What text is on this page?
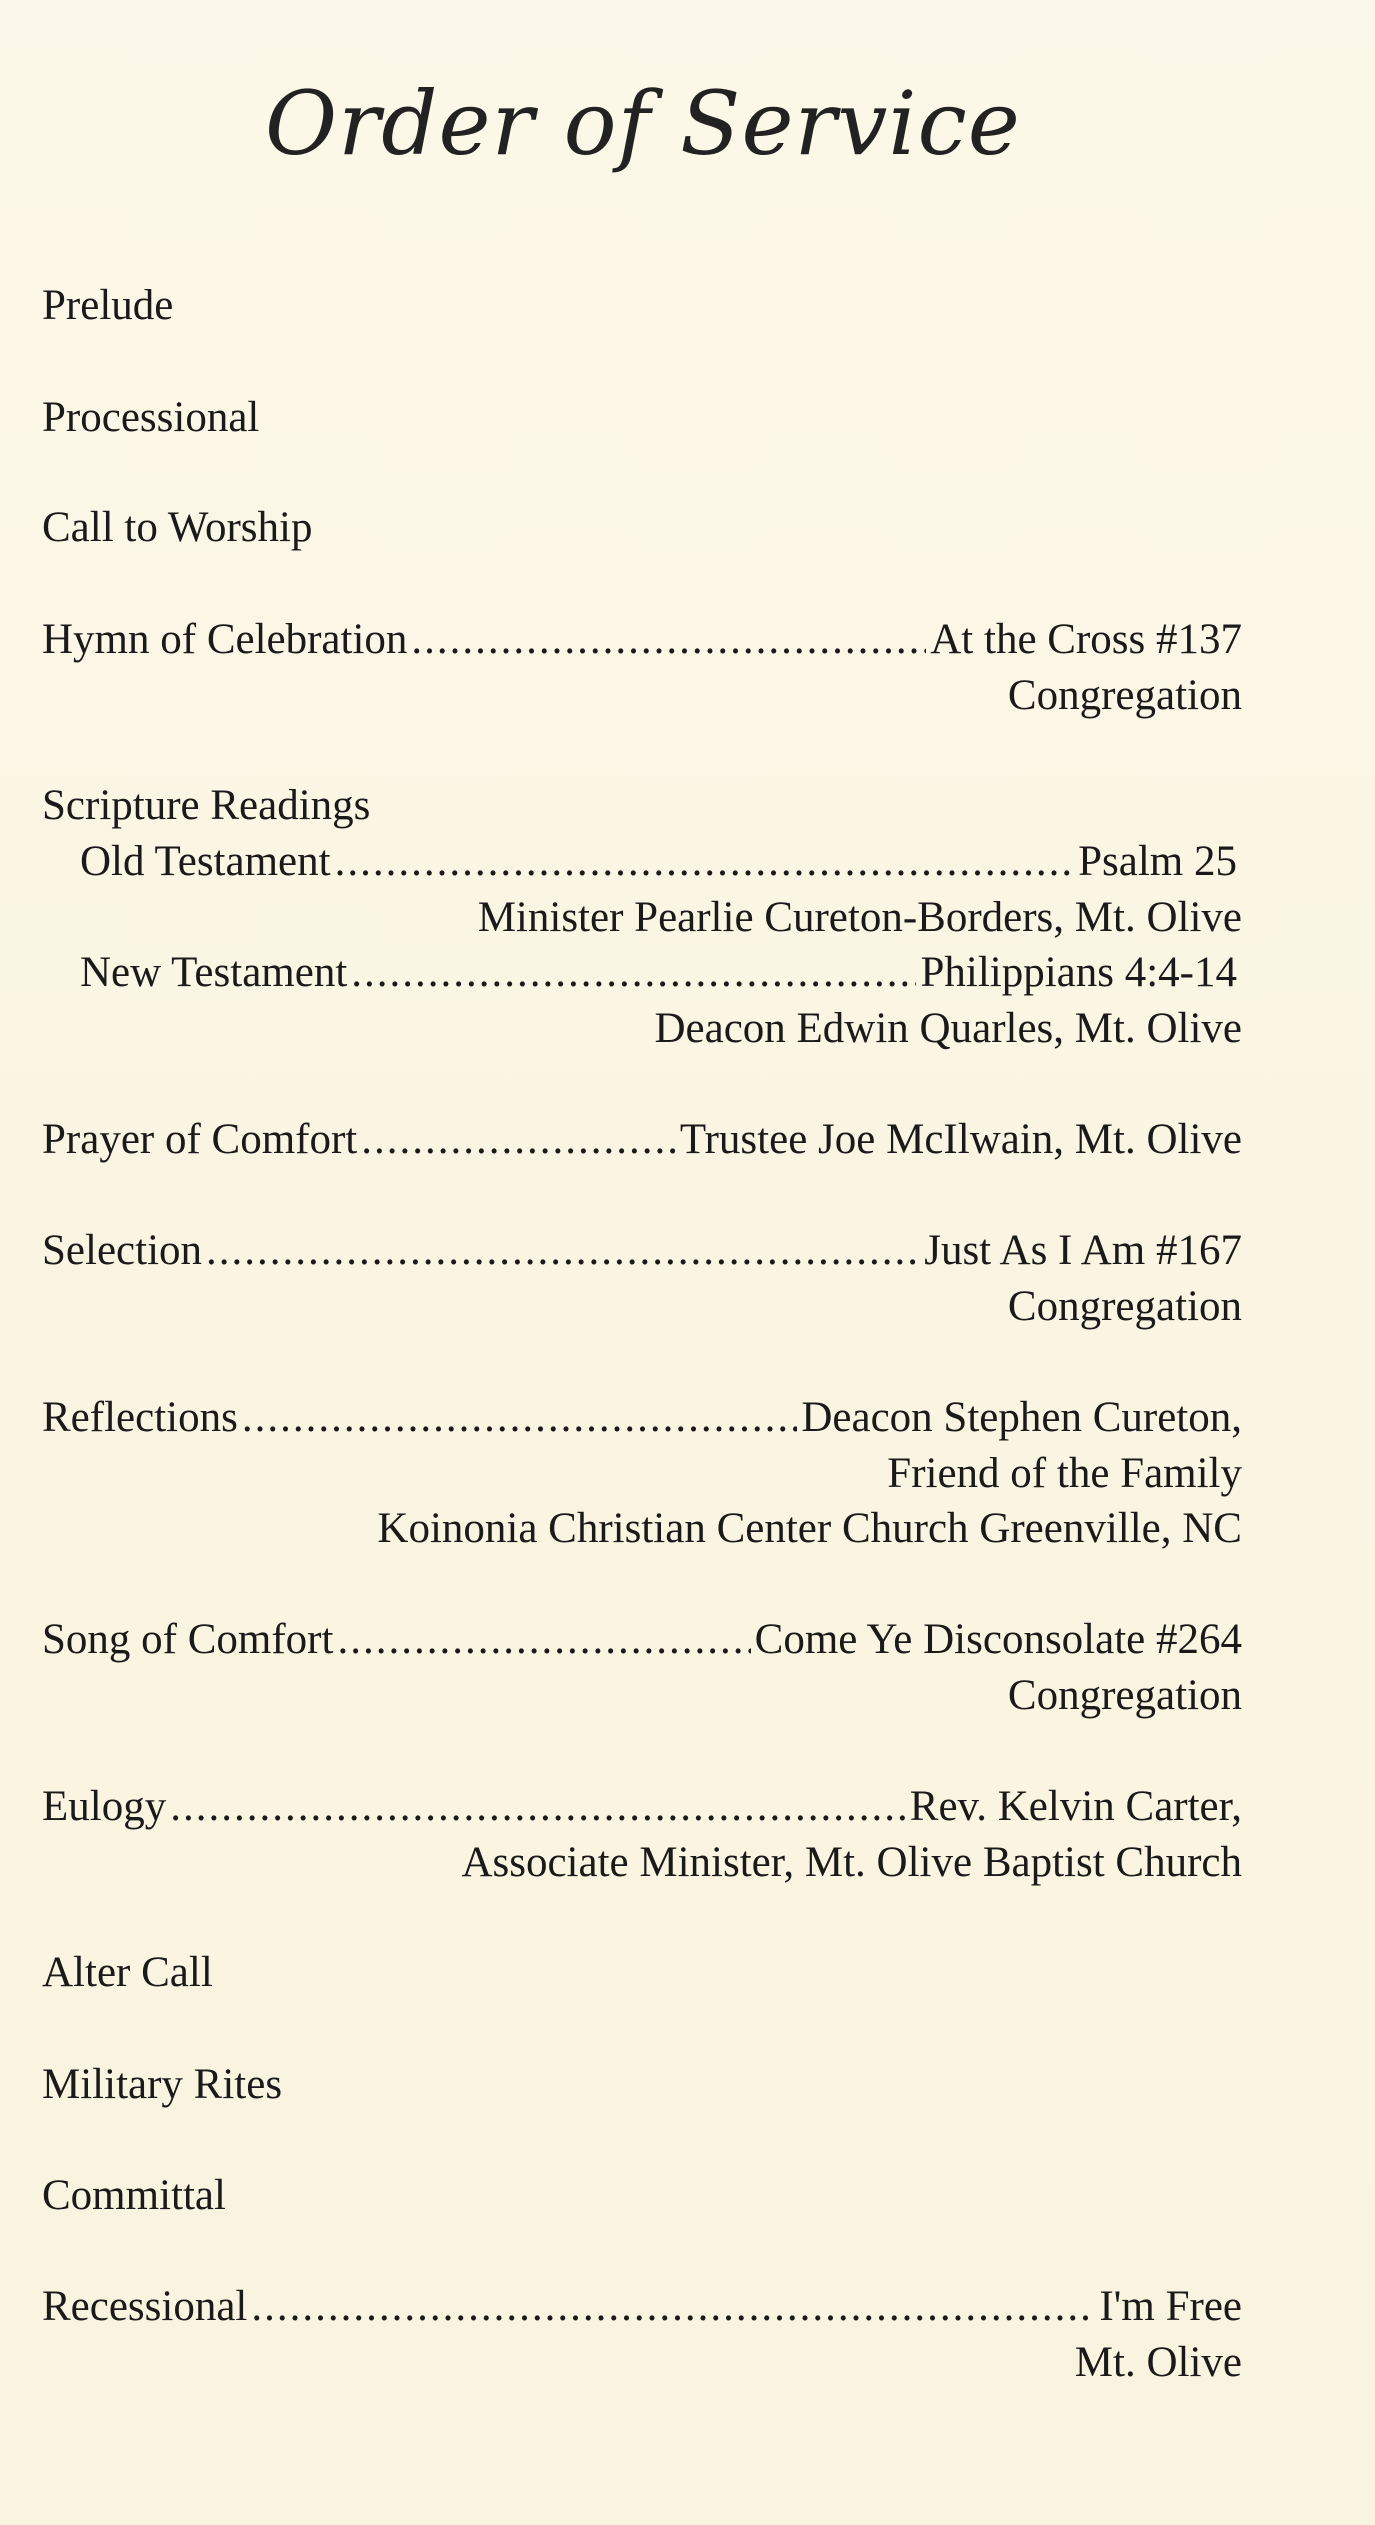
Order of Service
Prelude
Processional
Call to Worship
Hymn of Celebration .....	At the Cross #137
Congregation
Scripture Readings
Old Testament .....	Psalm 25
Minister Pearlie Cureton-Borders, Mt. Olive
New Testament .....	Philippians 4:4-14
Deacon Edwin Quarles, Mt. Olive
Prayer of Comfort .....	Trustee Joe McIlwain, Mt. Olive
Selection .....	Just As I Am #167
Congregation
Reflections .....	Deacon Stephen Cureton,
Friend of the Family
Koinonia Christian Center Church Greenville, NC
Song of Comfort .....	Come Ye Disconsolate #264
Congregation
Eulogy .....	Rev. Kelvin Carter,
Associate Minister, Mt. Olive Baptist Church
Alter Call
Military Rites
Committal
Recessional .....	I'm Free
Mt. Olive
